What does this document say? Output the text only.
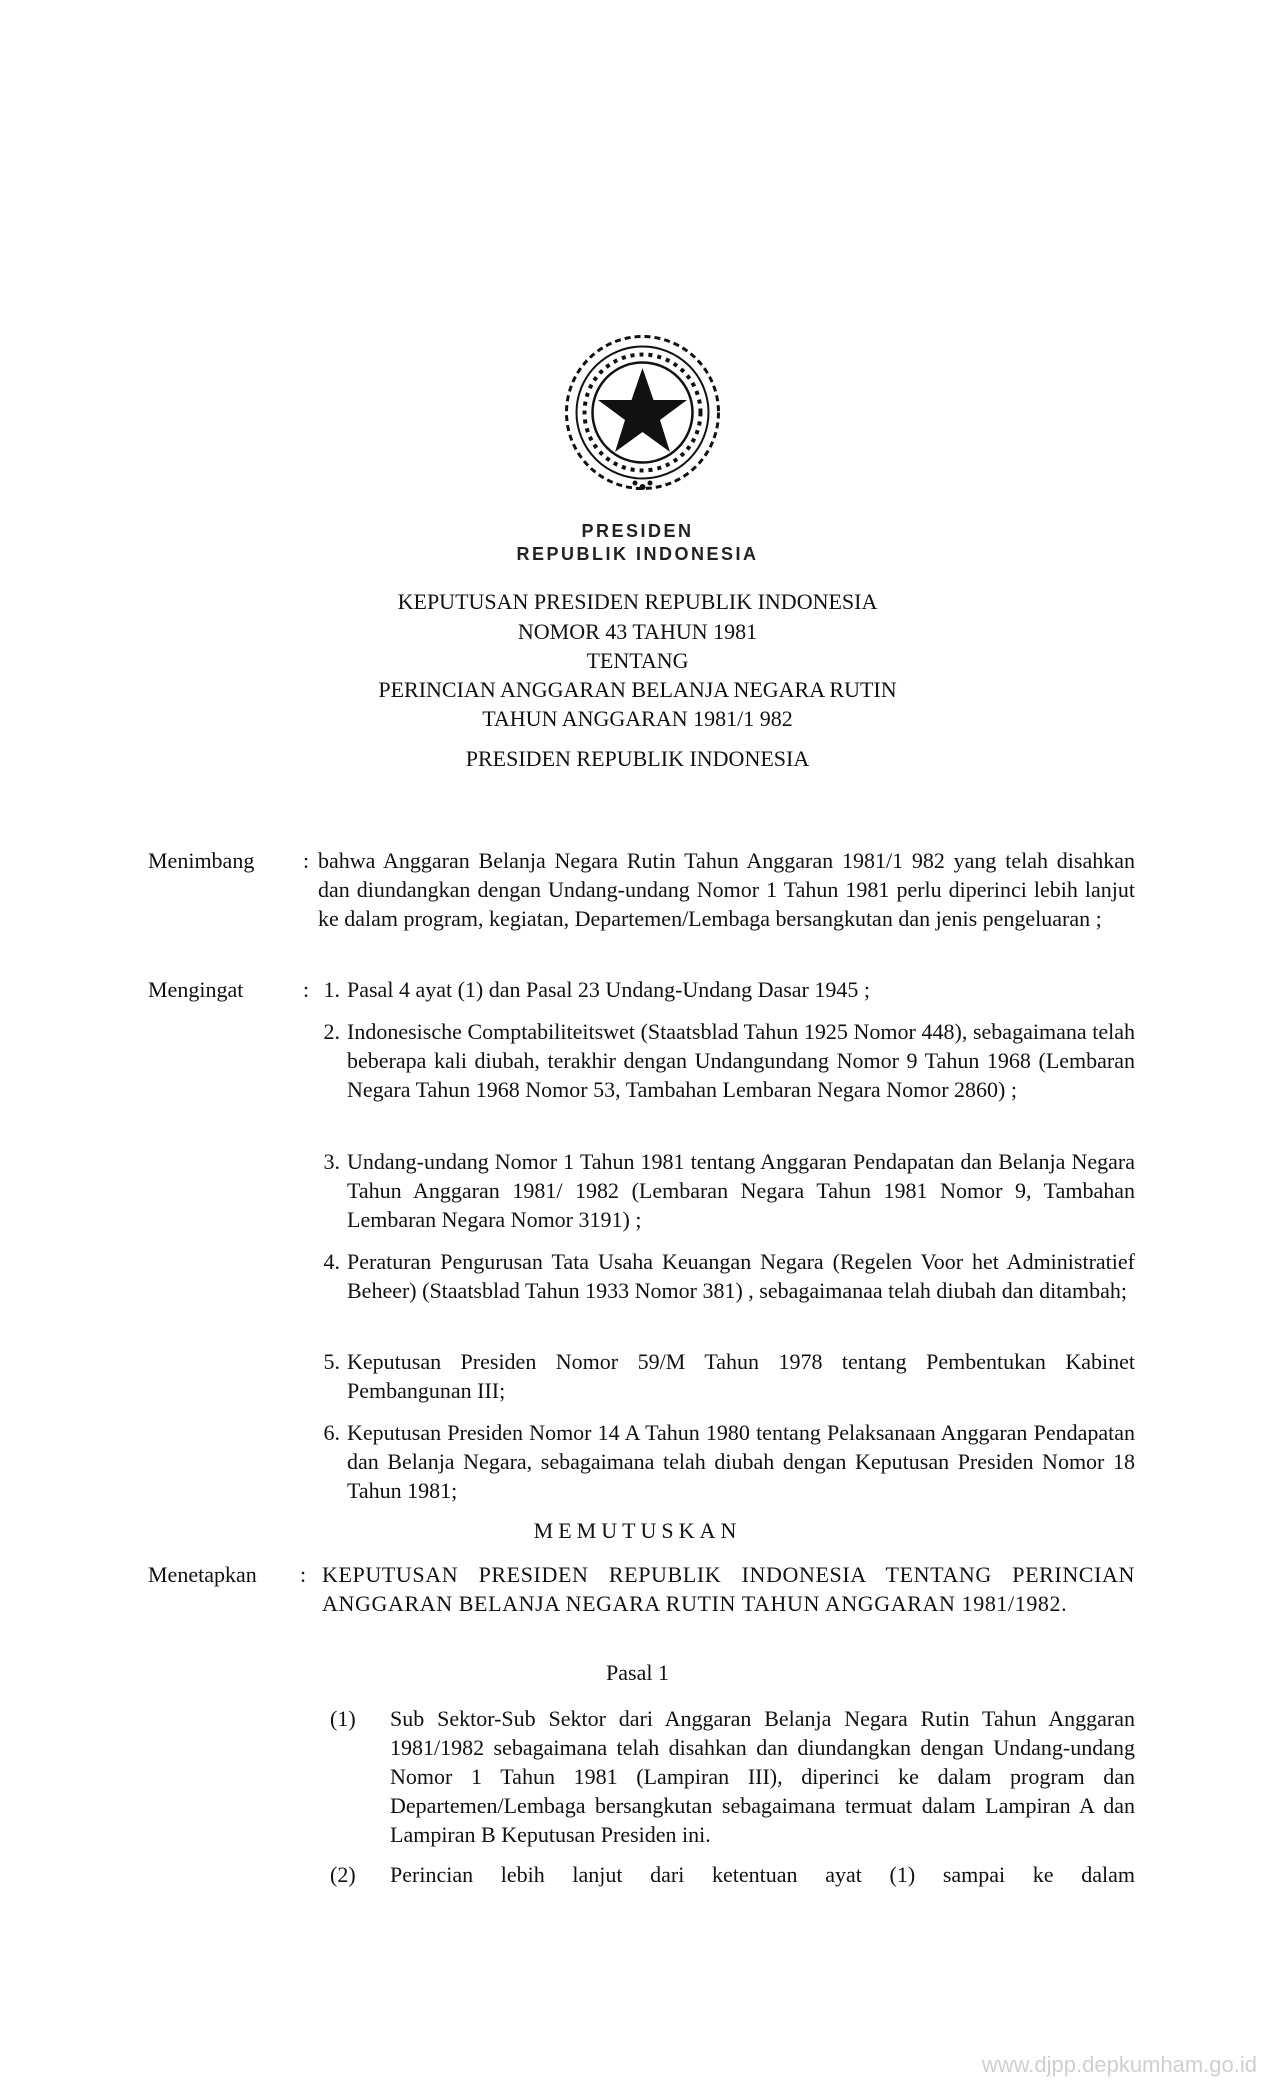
PRESIDEN
REPUBLIK INDONESIA
KEPUTUSAN PRESIDEN REPUBLIK INDONESIA
NOMOR 43 TAHUN 1981
TENTANG
PERINCIAN ANGGARAN BELANJA NEGARA RUTIN
TAHUN ANGGARAN 1981/1 982
PRESIDEN REPUBLIK INDONESIA
Menimbang : bahwa Anggaran Belanja Negara Rutin Tahun Anggaran 1981/1 982 yang telah disahkan dan diundangkan dengan Undang-undang Nomor 1 Tahun 1981 perlu diperinci lebih lanjut ke dalam program, kegiatan, Departemen/Lembaga bersangkutan dan jenis pengeluaran ;
Mengingat	: 1. Pasal 4 ayat (1) dan Pasal 23 Undang-Undang Dasar 1945 ;
2. Indonesische Comptabiliteitswet (Staatsblad Tahun 1925 Nomor 448), sebagaimana telah beberapa kali diubah, terakhir dengan Undangundang Nomor 9 Tahun 1968 (Lembaran Negara Tahun 1968 Nomor 53, Tambahan Lembaran Negara Nomor 2860) ;
3. Undang-undang Nomor 1 Tahun 1981 tentang Anggaran Pendapatan dan Belanja Negara Tahun Anggaran 1981/ 1982 (Lembaran Negara Tahun 1981 Nomor 9, Tambahan Lembaran Negara Nomor 3191) ;
4. Peraturan Pengurusan Tata Usaha Keuangan Negara (Regelen Voor het Administratief Beheer) (Staatsblad Tahun 1933 Nomor 381) , sebagaimanaa telah diubah dan ditambah;
5. Keputusan Presiden Nomor 59/M Tahun 1978 tentang Pembentukan Kabinet Pembangunan III;
6. Keputusan Presiden Nomor 14 A Tahun 1980 tentang Pelaksanaan Anggaran Pendapatan dan Belanja Negara, sebagaimana telah diubah dengan Keputusan Presiden Nomor 18 Tahun 1981;
MEMUTUSKAN
Menetapkan : KEPUTUSAN PRESIDEN REPUBLIK INDONESIA TENTANG PERINCIAN ANGGARAN BELANJA NEGARA RUTIN TAHUN ANGGARAN 1981/1982.
Pasal 1
(1) Sub Sektor-Sub Sektor dari Anggaran Belanja Negara Rutin Tahun Anggaran 1981/1982 sebagaimana telah disahkan dan diundangkan dengan Undang-undang Nomor 1 Tahun 1981 (Lampiran III), diperinci ke dalam program dan Departemen/Lembaga bersangkutan sebagaimana termuat dalam Lampiran A dan Lampiran B Keputusan Presiden ini.
(2) Perincian lebih lanjut dari ketentuan ayat (1) sampai ke dalam
www.djpp.depkumham.go.id
